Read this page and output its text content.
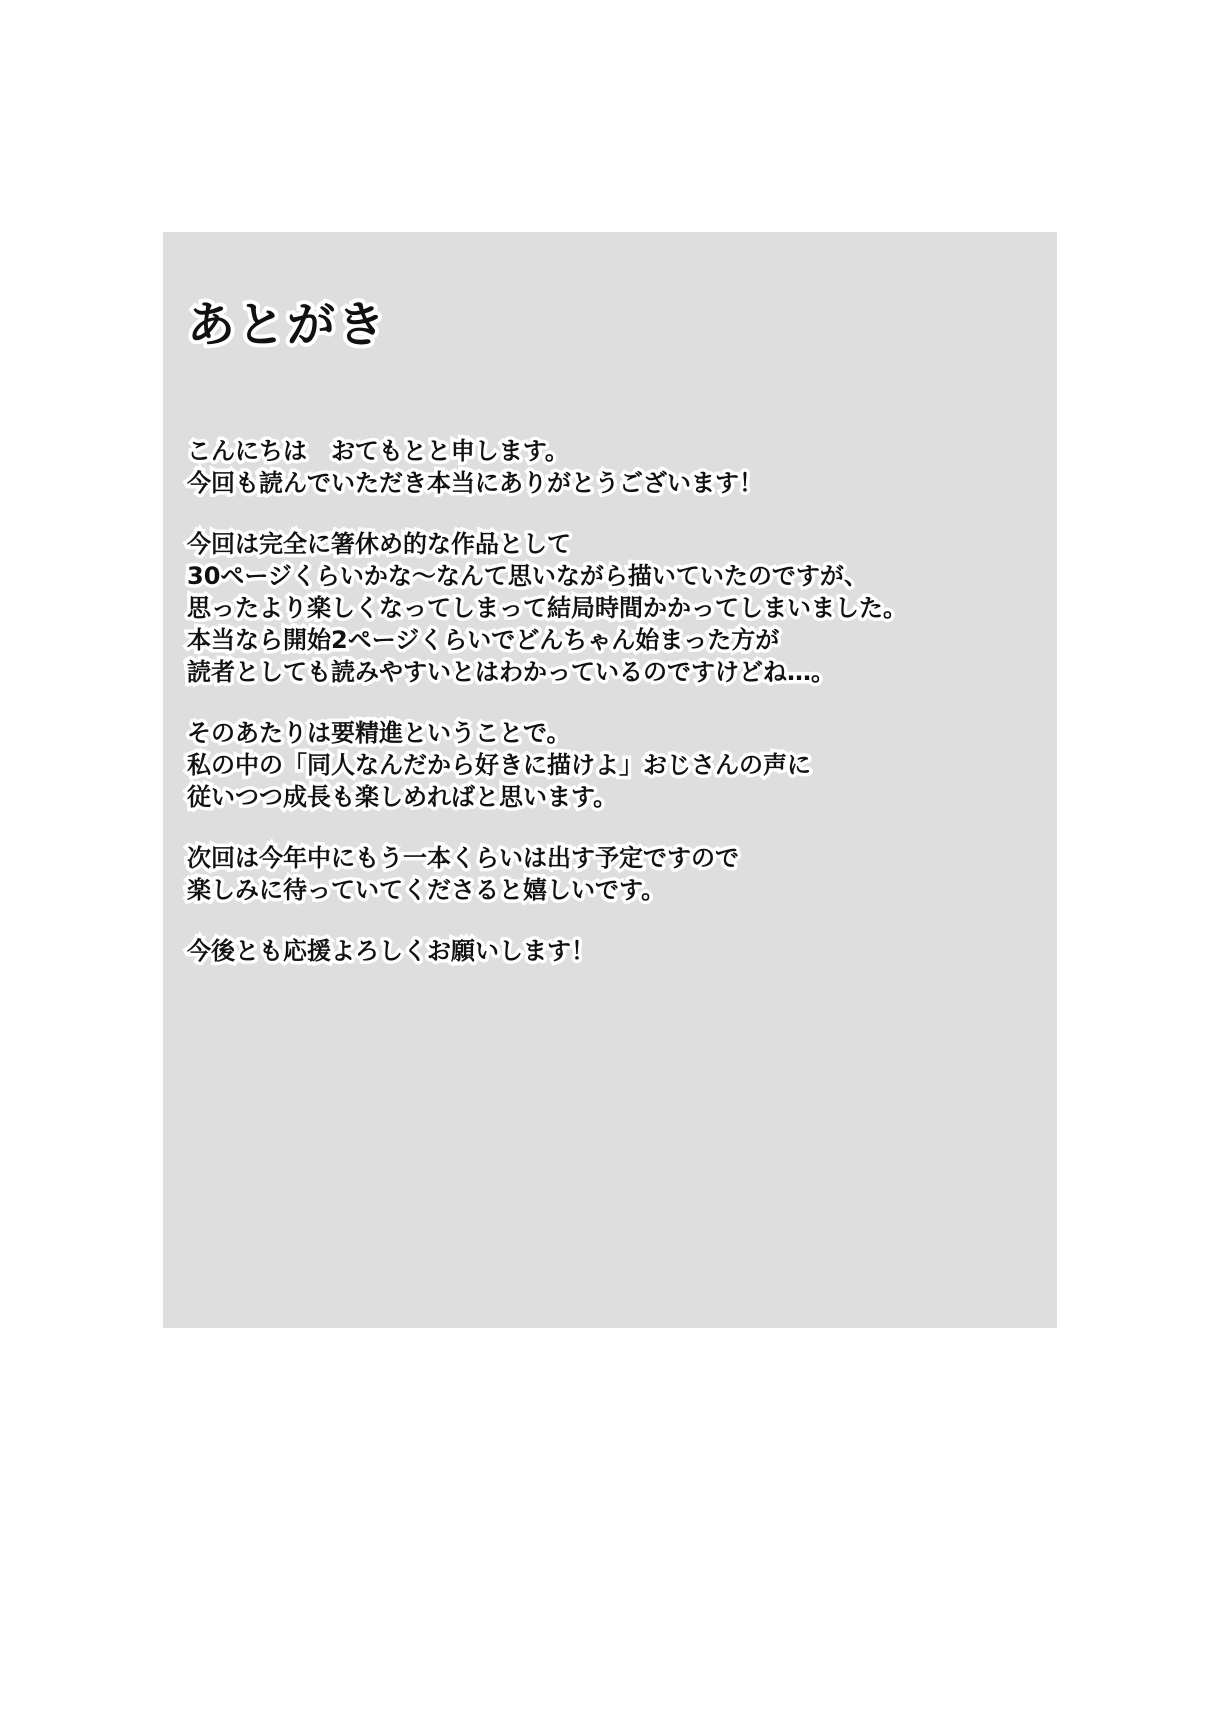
あとがき

こんにちは　おてもとと申します。
今回も読んでいただき本当にありがとうございます！

今回は完全に箸休め的な作品として
30ページくらいかな～なんて思いながら描いていたのですが、
思ったより楽しくなってしまって結局時間かかってしまいました。
本当なら開始2ページくらいでどんちゃん始まった方が
読者としても読みやすいとはわかっているのですけどね…。

そのあたりは要精進ということで。
私の中の「同人なんだから好きに描けよ」おじさんの声に
従いつつ成長も楽しめればと思います。

次回は今年中にもう一本くらいは出す予定ですので
楽しみに待っていてくださると嬉しいです。

今後とも応援よろしくお願いします！
